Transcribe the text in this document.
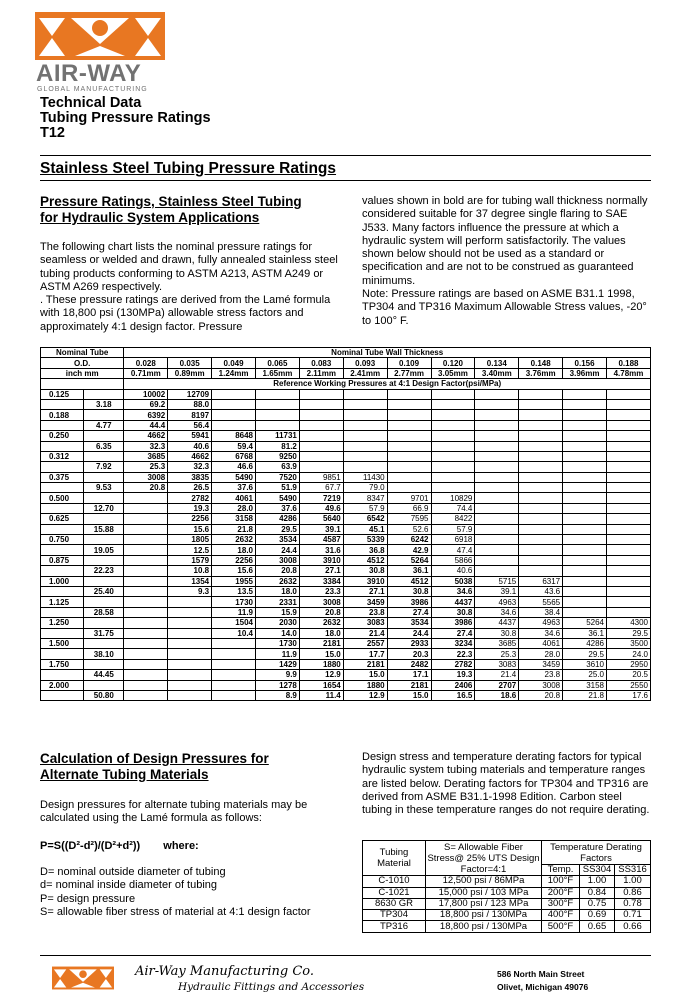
AIR-WAY
GLOBAL MANUFACTURING
Technical Data
Tubing Pressure Ratings
T12
Stainless Steel Tubing Pressure Ratings
Pressure Ratings, Stainless Steel Tubing
for Hydraulic System Applications
The following chart lists the nominal pressure ratings for seamless or welded and drawn, fully annealed stainless steel tubing products conforming to ASTM A213, ASTM A249 or ASTM A269 respectively.
. These pressure ratings are derived from the Lamé formula with 18,800 psi (130MPa) allowable stress factors and approximately 4:1 design factor. Pressure
values shown in bold are for tubing wall thickness normally considered suitable for 37 degree single flaring to SAE J533. Many factors influence the pressure at which a hydraulic system will perform satisfactorily. The values shown below should not be used as a standard or specification and are not to be construed as guaranteed minimums.
Note: Pressure ratings are based on ASME B31.1 1998, TP304 and TP316 Maximum Allowable Stress values, -20° to 100° F.
Nominal Tube		Nominal Tube Wall Thickness											
O.D.		0.028	0.035	0.049	0.065	0.083	0.093	0.109	0.120	0.134	0.148	0.156	0.188
inch mm		0.71mm	0.89mm	1.24mm	1.65mm	2.11mm	2.41mm	2.77mm	3.05mm	3.40mm	3.76mm	3.96mm	4.78mm
		Reference Working Pressures at 4:1 Design Factor(psi/MPa)											
0.125		10002	12709										
	3.18	69.2	88.0										
0.188		6392	8197										
	4.77	44.4	56.4										
0.250		4662	5941	8648	11731								
	6.35	32.3	40.6	59.4	81.2								
0.312		3685	4662	6768	9250								
	7.92	25.3	32.3	46.6	63.9								
0.375		3008	3835	5490	7520	9851	11430						
	9.53	20.8	26.5	37.6	51.9	67.7	79.0						
0.500			2782	4061	5490	7219	8347	9701	10829				
	12.70		19.3	28.0	37.6	49.6	57.9	66.9	74.4				
0.625			2256	3158	4286	5640	6542	7595	8422				
	15.88		15.6	21.8	29.5	39.1	45.1	52.6	57.9				
0.750			1805	2632	3534	4587	5339	6242	6918				
	19.05		12.5	18.0	24.4	31.6	36.8	42.9	47.4				
0.875			1579	2256	3008	3910	4512	5264	5866				
	22.23		10.8	15.6	20.8	27.1	30.8	36.1	40.6				
1.000			1354	1955	2632	3384	3910	4512	5038	5715	6317		
	25.40		9.3	13.5	18.0	23.3	27.1	30.8	34.6	39.1	43.6		
1.125				1730	2331	3008	3459	3986	4437	4963	5565		
	28.58			11.9	15.9	20.8	23.8	27.4	30.8	34.6	38.4		
1.250				1504	2030	2632	3083	3534	3986	4437	4963	5264	4300
	31.75			10.4	14.0	18.0	21.4	24.4	27.4	30.8	34.6	36.1	29.5
1.500					1730	2181	2557	2933	3234	3685	4061	4286	3500
	38.10				11.9	15.0	17.7	20.3	22.3	25.3	28.0	29.5	24.0
1.750					1429	1880	2181	2482	2782	3083	3459	3610	2950
	44.45				9.9	12.9	15.0	17.1	19.3	21.4	23.8	25.0	20.5
2.000					1278	1654	1880	2181	2406	2707	3008	3158	2550
	50.80				8.9	11.4	12.9	15.0	16.5	18.6	20.8	21.8	17.6
Calculation of Design Pressures for
Alternate Tubing Materials
Design pressures for alternate tubing materials may be calculated using the Lamé formula as follows:
P=S((D²-d²)/(D²+d²)) where:
D= nominal outside diameter of tubing
d= nominal inside diameter of tubing
P= design pressure
S= allowable fiber stress of material at 4:1 design factor
Design stress and temperature derating factors for typical hydraulic system tubing materials and temperature ranges are listed below. Derating factors for TP304 and TP316 are derived from ASME B31.1-1998 Edition. Carbon steel tubing in these temperature ranges do not require derating.
Tubing Material	S= Allowable Fiber Stress@ 25% UTS Design Factor=4:1	Temperature Derating Factors		
		Temp.	SS304	SS316
C-1010	12,500 psi / 86MPa	100°F	1.00	1.00
C-1021	15,000 psi / 103 MPa	200°F	0.84	0.86
8630 GR	17,800 psi / 123 MPa	300°F	0.75	0.78
TP304	18,800 psi / 130MPa	400°F	0.69	0.71
TP316	18,800 psi / 130MPa	500°F	0.65	0.66
Air-Way Manufacturing Co.
Hydraulic Fittings and Accessories
586 North Main Street
Olivet, Michigan 49076
